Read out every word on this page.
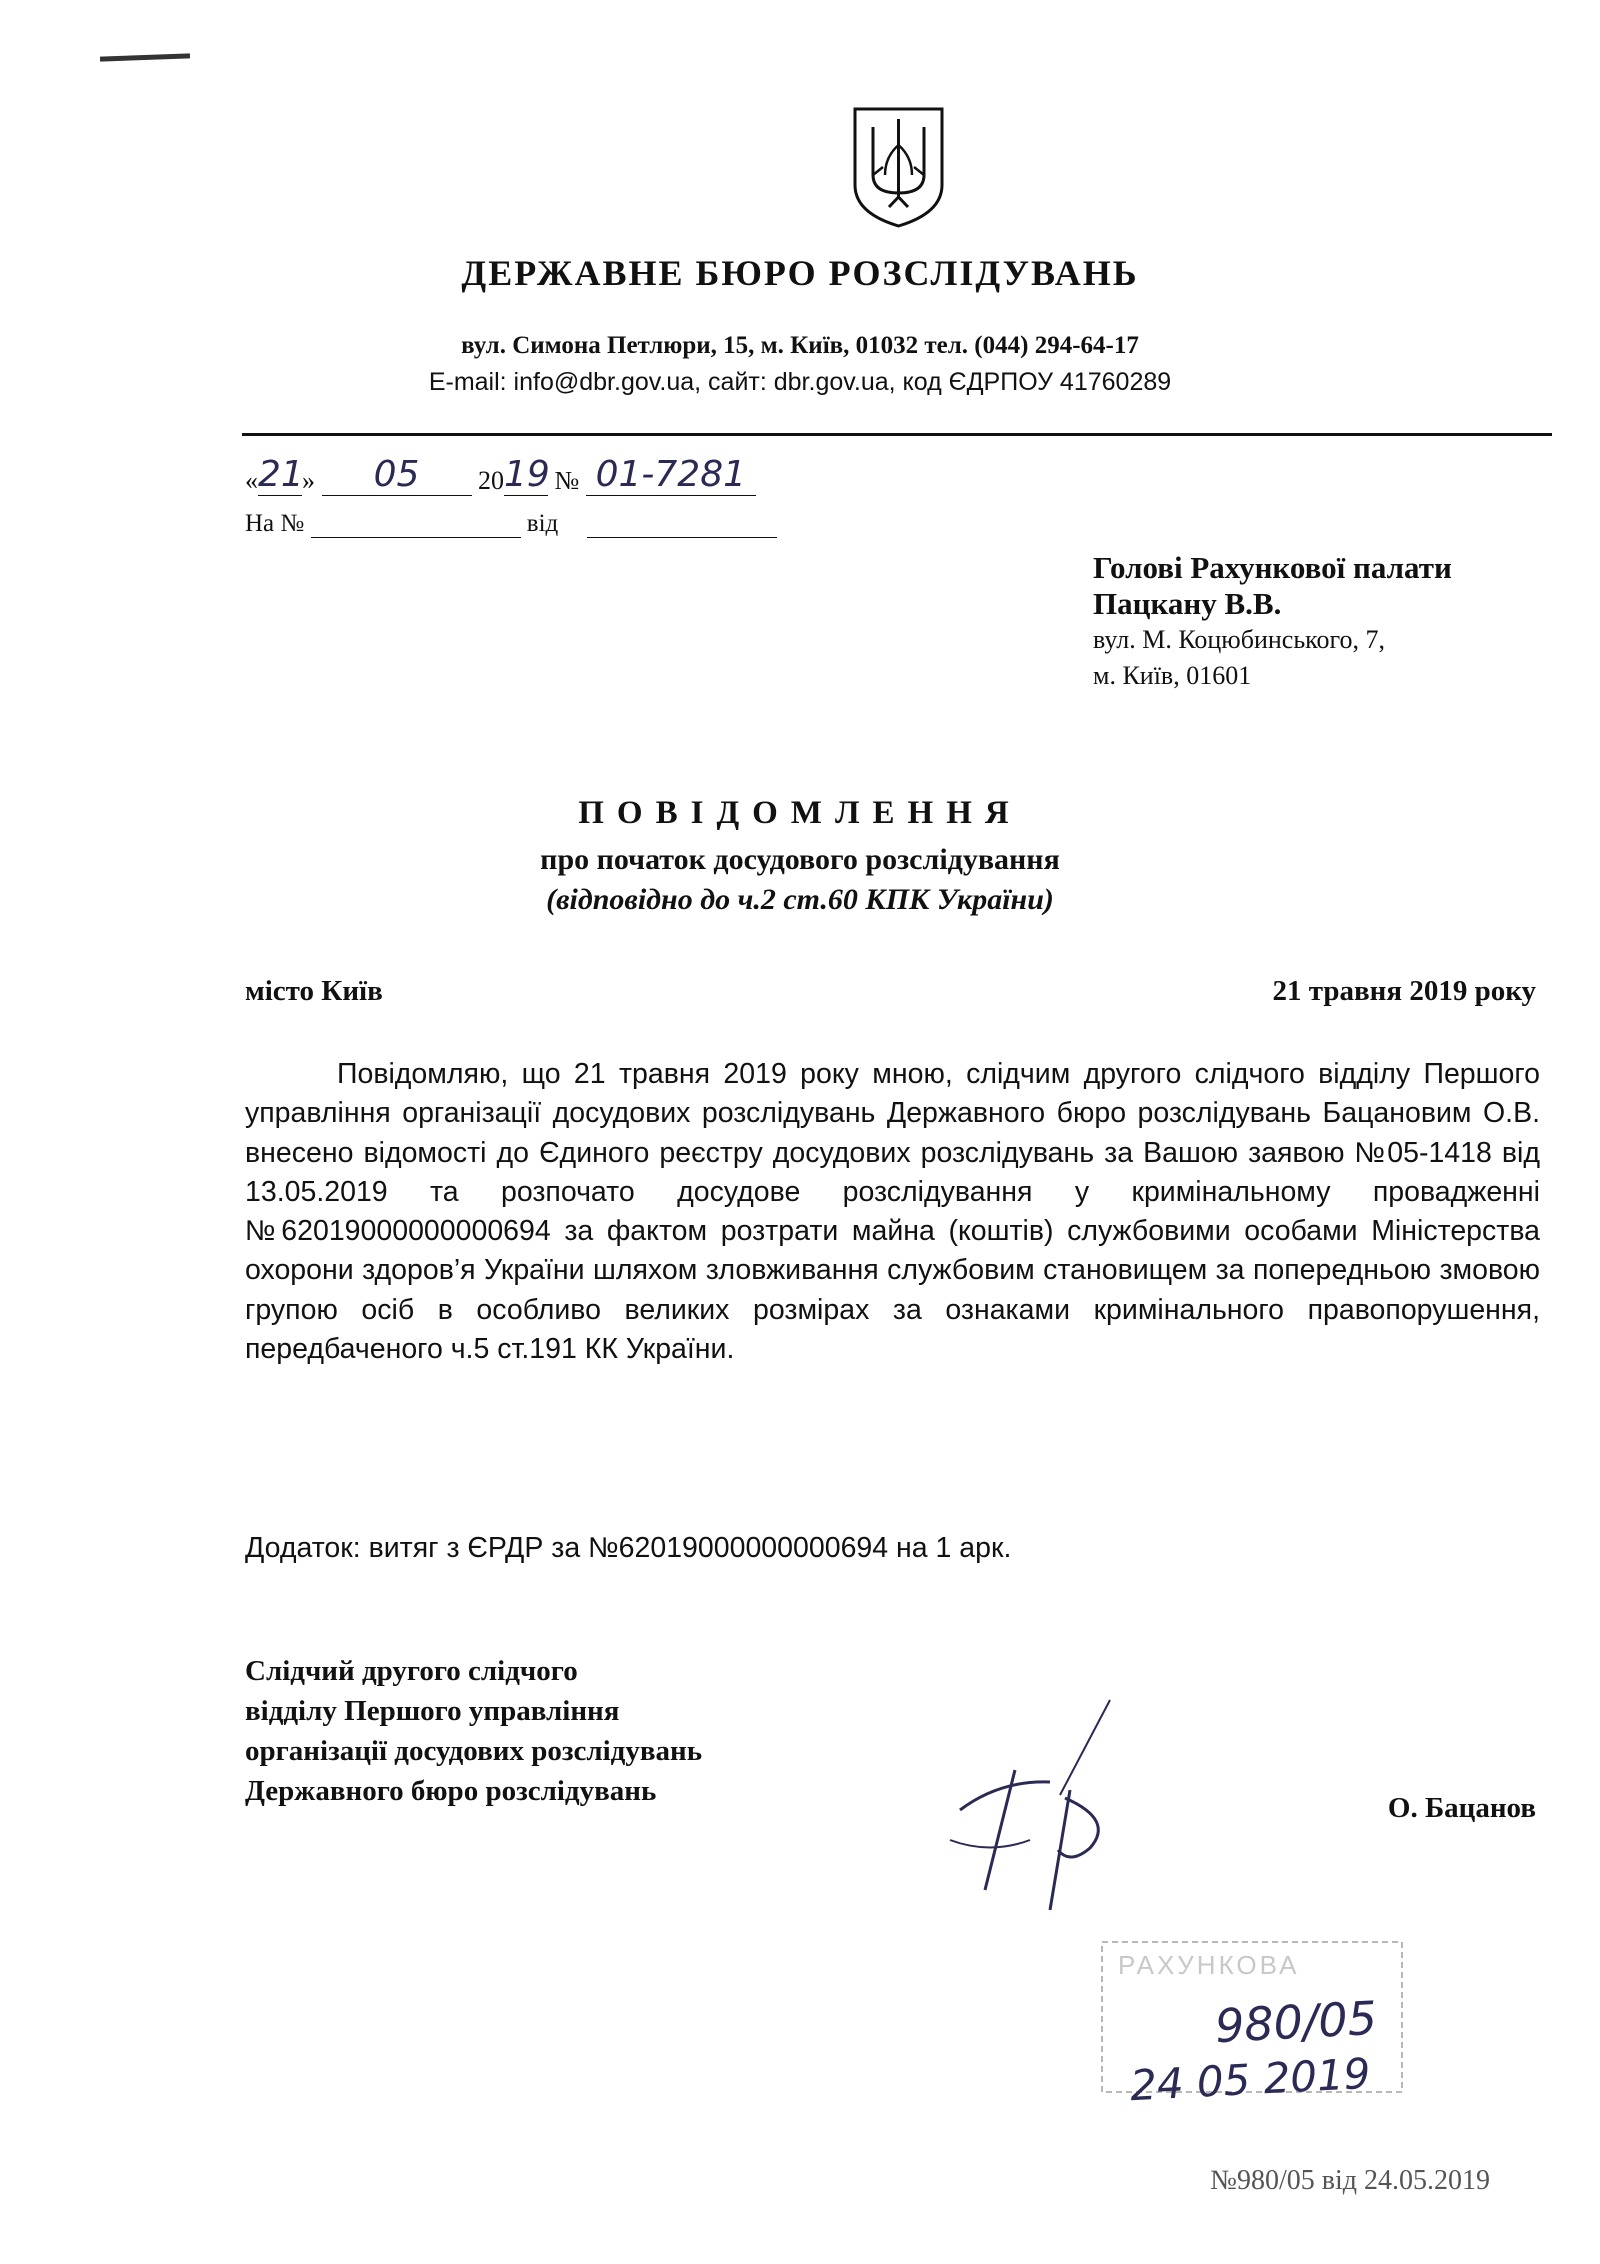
ДЕРЖАВНЕ БЮРО РОЗСЛІДУВАНЬ
вул. Симона Петлюри, 15, м. Київ, 01032 тел. (044) 294-64-17
E-mail: info@dbr.gov.ua, сайт: dbr.gov.ua, код ЄДРПОУ 41760289
«21» 05 2019 № 01-7281
На №	від
Голові Рахункової палати
Пацкану В.В.
вул. М. Коцюбинського, 7,
м. Київ, 01601
ПОВІДОМЛЕННЯ
про початок досудового розслідування
(відповідно до ч.2 ст.60 КПК України)
місто Київ	21 травня 2019 року

Повідомляю, що 21 травня 2019 року мною, слідчим другого слідчого відділу Першого управління організації досудових розслідувань Державного бюро розслідувань Бацановим О.В. внесено відомості до Єдиного реєстру досудових розслідувань за Вашою заявою №05-1418 від 13.05.2019 та розпочато досудове розслідування у кримінальному провадженні №62019000000000694 за фактом розтрати майна (коштів) службовими особами Міністерства охорони здоров’я України шляхом зловживання службовим становищем за попередньою змовою групою осіб в особливо великих розмірах за ознаками кримінального правопорушення, передбаченого ч.5 ст.191 КК України.

Додаток: витяг з ЄРДР за №62019000000000694 на 1 арк.
Слідчий другого слідчого
відділу Першого управління
організації досудових розслідувань
Державного бюро розслідувань
О. Бацанов
РАХУНКОВА
980/05
24 05 2019
№980/05 від 24.05.2019
